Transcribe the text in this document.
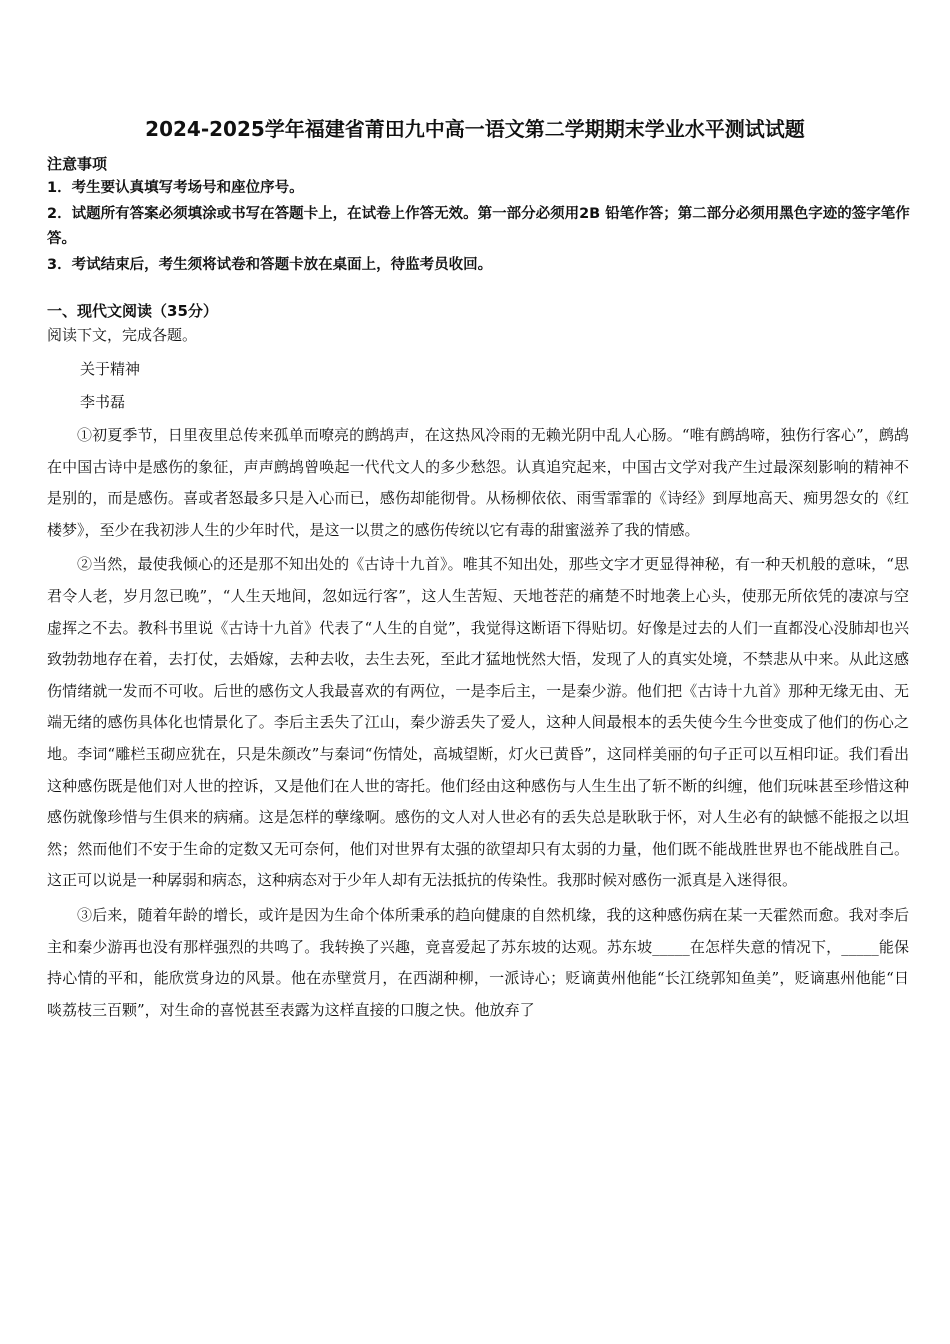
2024-2025学年福建省莆田九中高一语文第二学期期末学业水平测试试题
注意事项

1．考生要认真填写考场号和座位序号。

2．试题所有答案必须填涂或书写在答题卡上，在试卷上作答无效。第一部分必须用2B 铅笔作答；第二部分必须用黑色字迹的签字笔作答。

3．考试结束后，考生须将试卷和答题卡放在桌面上，待监考员收回。

一、现代文阅读（35分）
阅读下文，完成各题。
关于精神
李书磊

①初夏季节，日里夜里总传来孤单而嘹亮的鹧鸪声，在这热风冷雨的无赖光阴中乱人心肠。“唯有鹧鸪啼，独伤行客心”，鹧鸪在中国古诗中是感伤的象征，声声鹧鸪曾唤起一代代文人的多少愁怨。认真追究起来，中国古文学对我产生过最深刻影响的精神不是别的，而是感伤。喜或者怒最多只是入心而已，感伤却能彻骨。从杨柳依依、雨雪霏霏的《诗经》到厚地高天、痴男怨女的《红楼梦》，至少在我初涉人生的少年时代，是这一以贯之的感伤传统以它有毒的甜蜜滋养了我的情感。

②当然，最使我倾心的还是那不知出处的《古诗十九首》。唯其不知出处，那些文字才更显得神秘，有一种天机般的意味，“思君令人老，岁月忽已晚”，“人生天地间，忽如远行客”，这人生苦短、天地苍茫的痛楚不时地袭上心头，使那无所依凭的凄凉与空虚挥之不去。教科书里说《古诗十九首》代表了“人生的自觉”，我觉得这断语下得贴切。好像是过去的人们一直都没心没肺却也兴致勃勃地存在着，去打仗，去婚嫁，去种去收，去生去死，至此才猛地恍然大悟，发现了人的真实处境，不禁悲从中来。从此这感伤情绪就一发而不可收。后世的感伤文人我最喜欢的有两位，一是李后主，一是秦少游。他们把《古诗十九首》那种无缘无由、无端无绪的感伤具体化也情景化了。李后主丢失了江山，秦少游丢失了爱人，这种人间最根本的丢失使今生今世变成了他们的伤心之地。李词“雕栏玉砌应犹在，只是朱颜改”与秦词“伤情处，高城望断，灯火已黄昏”，这同样美丽的句子正可以互相印证。我们看出这种感伤既是他们对人世的控诉，又是他们在人世的寄托。他们经由这种感伤与人生生出了斩不断的纠缠，他们玩味甚至珍惜这种感伤就像珍惜与生俱来的病痛。这是怎样的孽缘啊。感伤的文人对人世必有的丢失总是耿耿于怀，对人生必有的缺憾不能报之以坦然；然而他们不安于生命的定数又无可奈何，他们对世界有太强的欲望却只有太弱的力量，他们既不能战胜世界也不能战胜自己。这正可以说是一种孱弱和病态，这种病态对于少年人却有无法抵抗的传染性。我那时候对感伤一派真是入迷得很。

③后来，随着年龄的增长，或许是因为生命个体所秉承的趋向健康的自然机缘，我的这种感伤病在某一天霍然而愈。我对李后主和秦少游再也没有那样强烈的共鸣了。我转换了兴趣，竟喜爱起了苏东坡的达观。苏东坡_____在怎样失意的情况下，_____能保持心情的平和，能欣赏身边的风景。他在赤壁赏月，在西湖种柳，一派诗心；贬谪黄州他能“长江绕郭知鱼美”，贬谪惠州他能“日啖荔枝三百颗”，对生命的喜悦甚至表露为这样直接的口腹之快。他放弃了
